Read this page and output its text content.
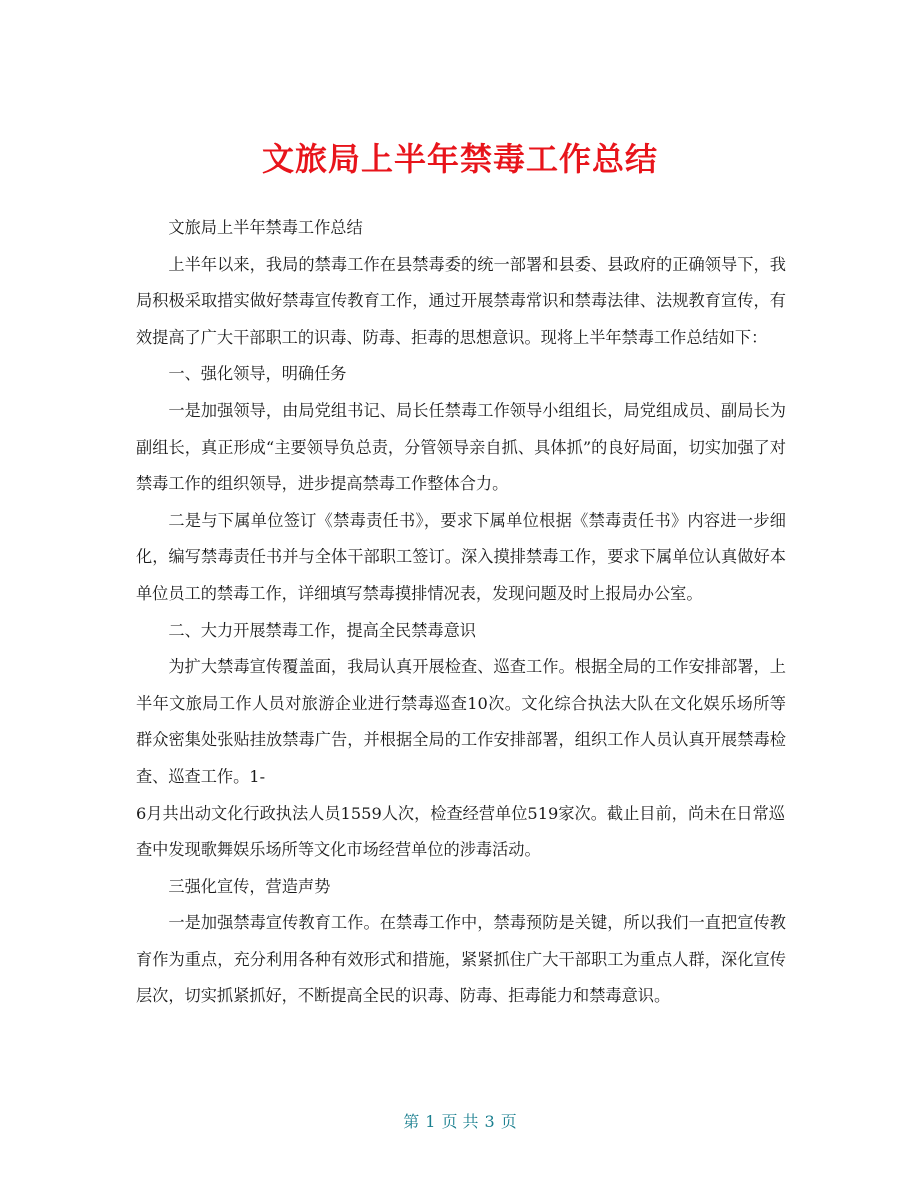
文旅局上半年禁毒工作总结

文旅局上半年禁毒工作总结

上半年以来，我局的禁毒工作在县禁毒委的统一部署和县委、县政府的正确领导下，我局积极采取措实做好禁毒宣传教育工作，通过开展禁毒常识和禁毒法律、法规教育宣传，有效提高了广大干部职工的识毒、防毒、拒毒的思想意识。现将上半年禁毒工作总结如下：

一、强化领导，明确任务

一是加强领导，由局党组书记、局长任禁毒工作领导小组组长，局党组成员、副局长为副组长，真正形成“主要领导负总责，分管领导亲自抓、具体抓”的良好局面，切实加强了对禁毒工作的组织领导，进步提高禁毒工作整体合力。

二是与下属单位签订《禁毒责任书》，要求下属单位根据《禁毒责任书》内容进一步细化，编写禁毒责任书并与全体干部职工签订。深入摸排禁毒工作，要求下属单位认真做好本单位员工的禁毒工作，详细填写禁毒摸排情况表，发现问题及时上报局办公室。

二、大力开展禁毒工作，提高全民禁毒意识

为扩大禁毒宣传覆盖面，我局认真开展检查、巡查工作。根据全局的工作安排部署，上半年文旅局工作人员对旅游企业进行禁毒巡查10次。文化综合执法大队在文化娱乐场所等群众密集处张贴挂放禁毒广告，并根据全局的工作安排部署，组织工作人员认真开展禁毒检查、巡查工作。1-

6月共出动文化行政执法人员1559人次，检查经营单位519家次。截止目前，尚未在日常巡查中发现歌舞娱乐场所等文化市场经营单位的涉毒活动。

三强化宣传，营造声势

一是加强禁毒宣传教育工作。在禁毒工作中，禁毒预防是关键，所以我们一直把宣传教育作为重点，充分利用各种有效形式和措施，紧紧抓住广大干部职工为重点人群，深化宣传层次，切实抓紧抓好，不断提高全民的识毒、防毒、拒毒能力和禁毒意识。

第 1 页 共 3 页
